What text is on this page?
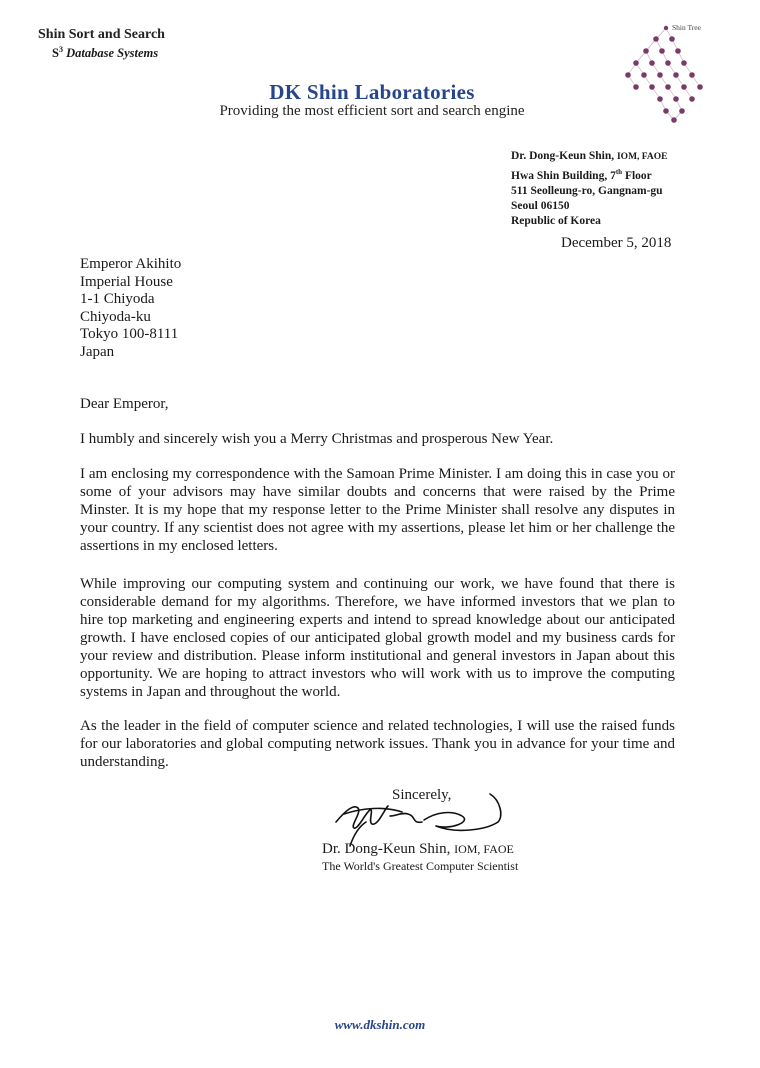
Shin Sort and Search
$S^3$ Database Systems
Shin Tree
DK Shin Laboratories
Providing the most efficient sort and search engine
Dr. Dong-Keun Shin, IOM, FAOE
Hwa Shin Building, 7th Floor
511 Seolleung-ro, Gangnam-gu
Seoul 06150
Republic of Korea
December 5, 2018
Emperor Akihito
Imperial House
1-1 Chiyoda
Chiyoda-ku
Tokyo 100-8111
Japan
Dear Emperor,
I humbly and sincerely wish you a Merry Christmas and prosperous New Year.
I am enclosing my correspondence with the Samoan Prime Minister. I am doing this in case you or some of your advisors may have similar doubts and concerns that were raised by the Prime Minster. It is my hope that my response letter to the Prime Minister shall resolve any disputes in your country. If any scientist does not agree with my assertions, please let him or her challenge the assertions in my enclosed letters.
While improving our computing system and continuing our work, we have found that there is considerable demand for my algorithms. Therefore, we have informed investors that we plan to hire top marketing and engineering experts and intend to spread knowledge about our anticipated growth. I have enclosed copies of our anticipated global growth model and my business cards for your review and distribution. Please inform institutional and general investors in Japan about this opportunity. We are hoping to attract investors who will work with us to improve the computing systems in Japan and throughout the world.
As the leader in the field of computer science and related technologies, I will use the raised funds for our laboratories and global computing network issues. Thank you in advance for your time and understanding.
Sincerely,
Dr. Dong-Keun Shin, IOM, FAOE
The World's Greatest Computer Scientist
www.dkshin.com
